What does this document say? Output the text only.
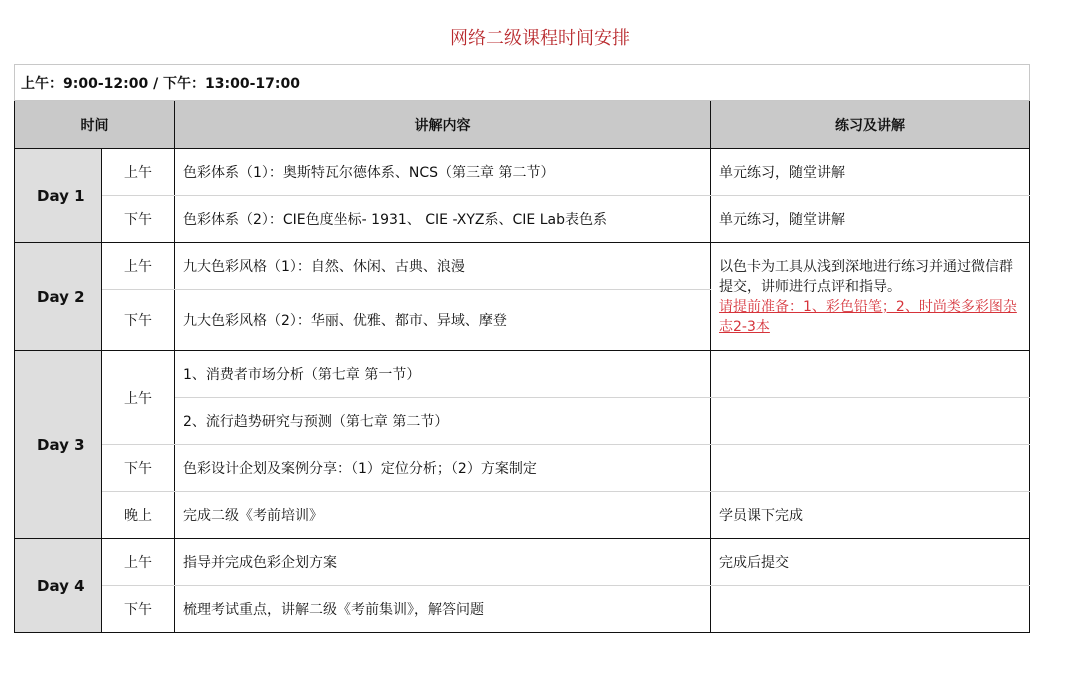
网络二级课程时间安排
上午：9:00-12:00 / 下午：13:00-17:00			
时间		讲解内容	练习及讲解
Day 1	上午	色彩体系（1）：奥斯特瓦尔德体系、NCS（第三章 第二节）	单元练习，随堂讲解
	下午	色彩体系（2）：CIE色度坐标- 1931、 CIE -XYZ系、CIE Lab表色系	单元练习，随堂讲解
Day 2	上午	九大色彩风格（1）：自然、休闲、古典、浪漫	以色卡为工具从浅到深地进行练习并通过微信群提交，讲师进行点评和指导。
请提前准备：1、彩色铅笔；2、时尚类多彩图杂志2-3本

	下午	九大色彩风格（2）：华丽、优雅、都市、异域、摩登	
Day 3	上午	1、消费者市场分析（第七章 第一节）	
		2、流行趋势研究与预测（第七章 第二节）	
	下午	色彩设计企划及案例分享：（1）定位分析；（2）方案制定	
	晚上	完成二级《考前培训》	学员课下完成
Day 4	上午	指导并完成色彩企划方案	完成后提交
	下午	梳理考试重点，讲解二级《考前集训》，解答问题	
